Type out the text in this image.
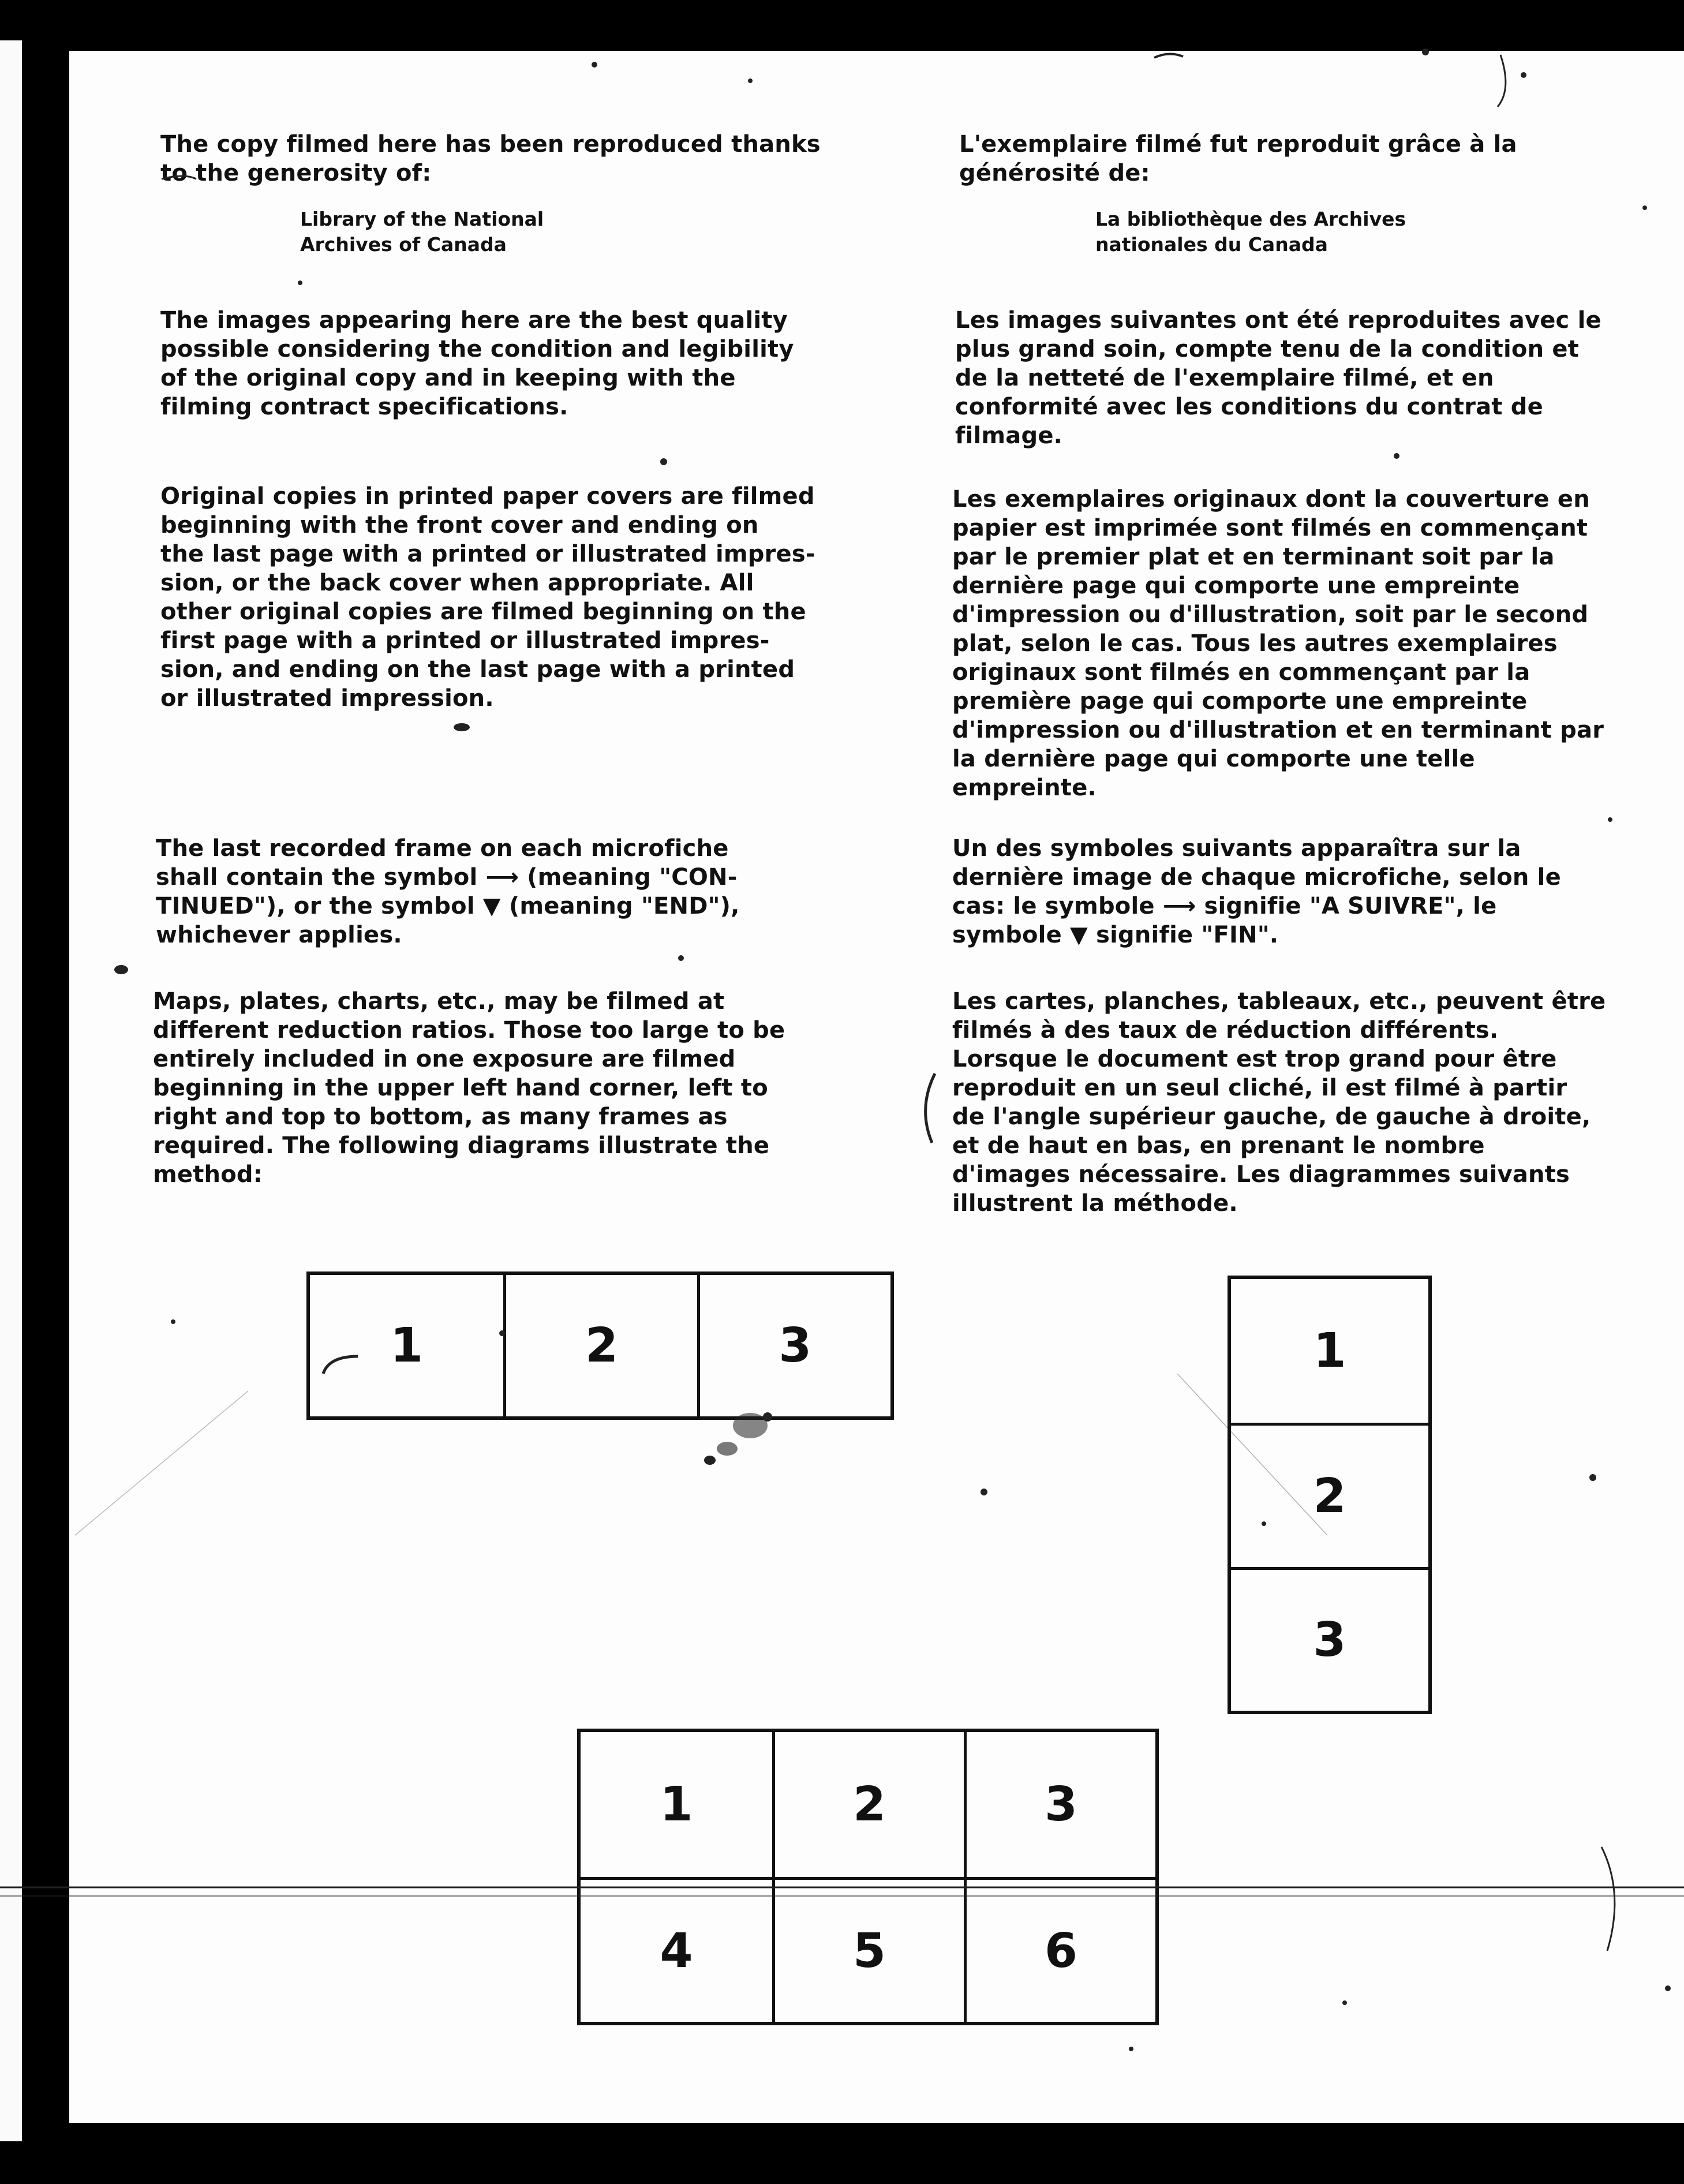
The copy filmed here has been reproduced thanks
to the generosity of:

Library of the National
Archives of Canada

The images appearing here are the best quality
possible considering the condition and legibility
of the original copy and in keeping with the
filming contract specifications.

Original copies in printed paper covers are filmed
beginning with the front cover and ending on
the last page with a printed or illustrated impres-
sion, or the back cover when appropriate. All
other original copies are filmed beginning on the
first page with a printed or illustrated impres-
sion, and ending on the last page with a printed
or illustrated impression.

The last recorded frame on each microfiche
shall contain the symbol ⟶ (meaning "CON-
TINUED"), or the symbol ▼ (meaning "END"),
whichever applies.

Maps, plates, charts, etc., may be filmed at
different reduction ratios. Those too large to be
entirely included in one exposure are filmed
beginning in the upper left hand corner, left to
right and top to bottom, as many frames as
required. The following diagrams illustrate the
method:

L'exemplaire filmé fut reproduit grâce à la
générosité de:

La bibliothèque des Archives
nationales du Canada

Les images suivantes ont été reproduites avec le
plus grand soin, compte tenu de la condition et
de la netteté de l'exemplaire filmé, et en
conformité avec les conditions du contrat de
filmage.

Les exemplaires originaux dont la couverture en
papier est imprimée sont filmés en commençant
par le premier plat et en terminant soit par la
dernière page qui comporte une empreinte
d'impression ou d'illustration, soit par le second
plat, selon le cas. Tous les autres exemplaires
originaux sont filmés en commençant par la
première page qui comporte une empreinte
d'impression ou d'illustration et en terminant par
la dernière page qui comporte une telle
empreinte.

Un des symboles suivants apparaîtra sur la
dernière image de chaque microfiche, selon le
cas: le symbole ⟶ signifie "A SUIVRE", le
symbole ▼ signifie "FIN".

Les cartes, planches, tableaux, etc., peuvent être
filmés à des taux de réduction différents.
Lorsque le document est trop grand pour être
reproduit en un seul cliché, il est filmé à partir
de l'angle supérieur gauche, de gauche à droite,
et de haut en bas, en prenant le nombre
d'images nécessaire. Les diagrammes suivants
illustrent la méthode.

1	2	3	1
2
3
1	2	3
4	5	6
